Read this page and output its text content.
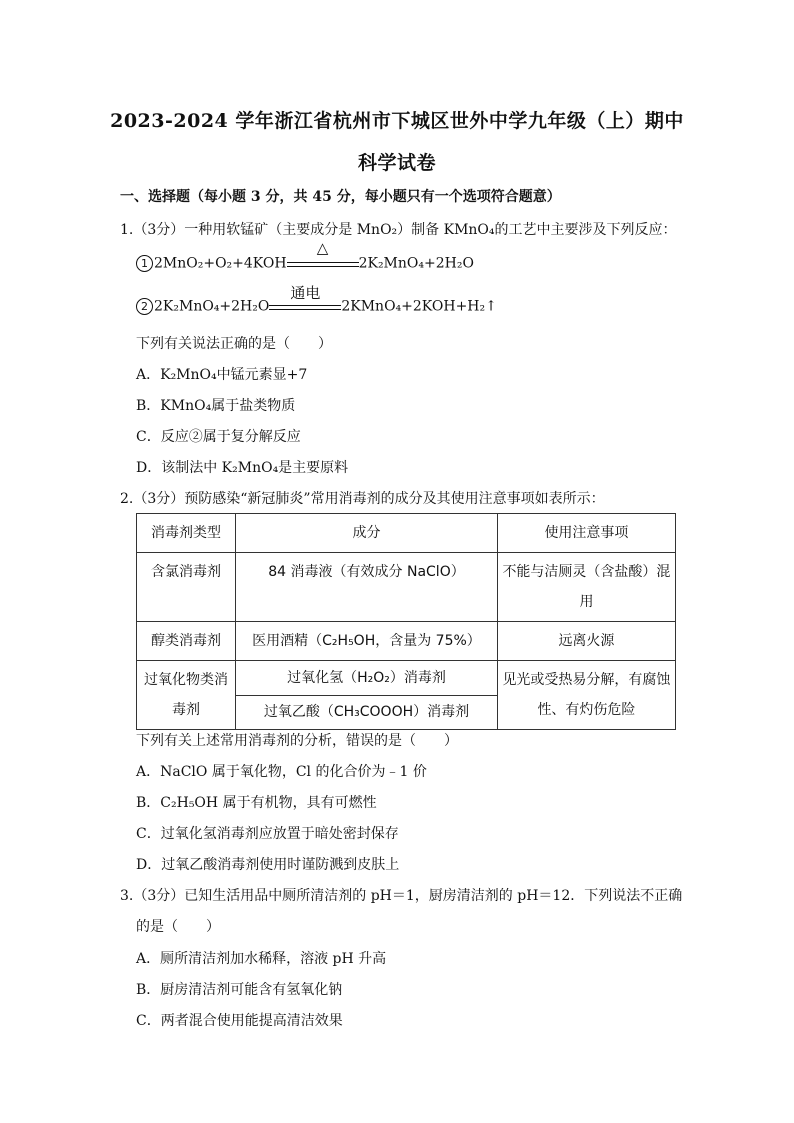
2023-2024 学年浙江省杭州市下城区世外中学九年级（上）期中
科学试卷
一、选择题（每小题 3 分，共 45 分，每小题只有一个选项符合题意）
1.（3分）一种用软锰矿（主要成分是 MnO₂）制备 KMnO₄的工艺中主要涉及下列反应：
1 2MnO₂+O₂+4KOH
△
2K₂MnO₄+2H₂O
2 2K₂MnO₄+2H₂O
通电
2KMnO₄+2KOH+H₂↑
下列有关说法正确的是（　　）
A．K₂MnO₄中锰元素显+7
B．KMnO₄属于盐类物质
C．反应②属于复分解反应
D．该制法中 K₂MnO₄是主要原料
2.（3分）预防感染“新冠肺炎”常用消毒剂的成分及其使用注意事项如表所示：
消毒剂类型	成分	使用注意事项
含氯消毒剂	84 消毒液（有效成分 NaClO）	不能与洁厕灵（含盐酸）混用
醇类消毒剂	医用酒精（C₂H₅OH，含量为 75%）	远离火源
过氧化物类消毒剂	过氧化氢（H₂O₂）消毒剂	见光或受热易分解，有腐蚀性、有灼伤危险
	过氧乙酸（CH₃COOOH）消毒剂	
下列有关上述常用消毒剂的分析，错误的是（　　）
A．NaClO 属于氧化物，Cl 的化合价为﹣1 价
B．C₂H₅OH 属于有机物，具有可燃性
C．过氧化氢消毒剂应放置于暗处密封保存
D．过氧乙酸消毒剂使用时谨防溅到皮肤上
3.（3分）已知生活用品中厕所清洁剂的 pH＝1，厨房清洁剂的 pH＝12．下列说法不正确
的是（　　）
A．厕所清洁剂加水稀释，溶液 pH 升高
B．厨房清洁剂可能含有氢氧化钠
C．两者混合使用能提高清洁效果
